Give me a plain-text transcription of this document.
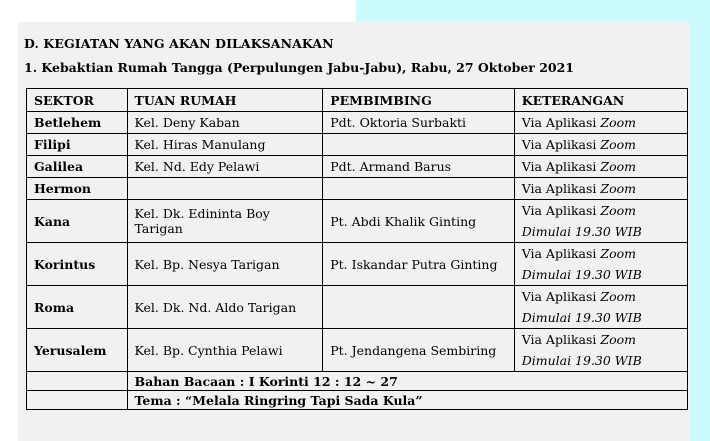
D. KEGIATAN YANG AKAN DILAKSANAKAN
1. Kebaktian Rumah Tangga (Perpulungen Jabu-Jabu), Rabu, 27 Oktober 2021
SEKTOR	TUAN RUMAH	PEMBIMBING	KETERANGAN
Betlehem	Kel. Deny Kaban	Pdt. Oktoria Surbakti	Via Aplikasi Zoom
Filipi	Kel. Hiras Manulang		Via Aplikasi Zoom
Galilea	Kel. Nd. Edy Pelawi	Pdt. Armand Barus	Via Aplikasi Zoom
Hermon			Via Aplikasi Zoom
Kana	Kel. Dk. Edininta Boy Tarigan	Pt. Abdi Khalik Ginting	Via Aplikasi Zoom
Dimulai 19.30 WIB

Korintus	Kel. Bp. Nesya Tarigan	Pt. Iskandar Putra Ginting	Via Aplikasi Zoom
Dimulai 19.30 WIB

Roma	Kel. Dk. Nd. Aldo Tarigan		Via Aplikasi Zoom
Dimulai 19.30 WIB

Yerusalem	Kel. Bp. Cynthia Pelawi	Pt. Jendangena Sembiring	Via Aplikasi Zoom
Dimulai 19.30 WIB

	Bahan Bacaan : I Korinti 12 : 12 ~ 27		
	Tema : “Melala Ringring Tapi Sada Kula”		
